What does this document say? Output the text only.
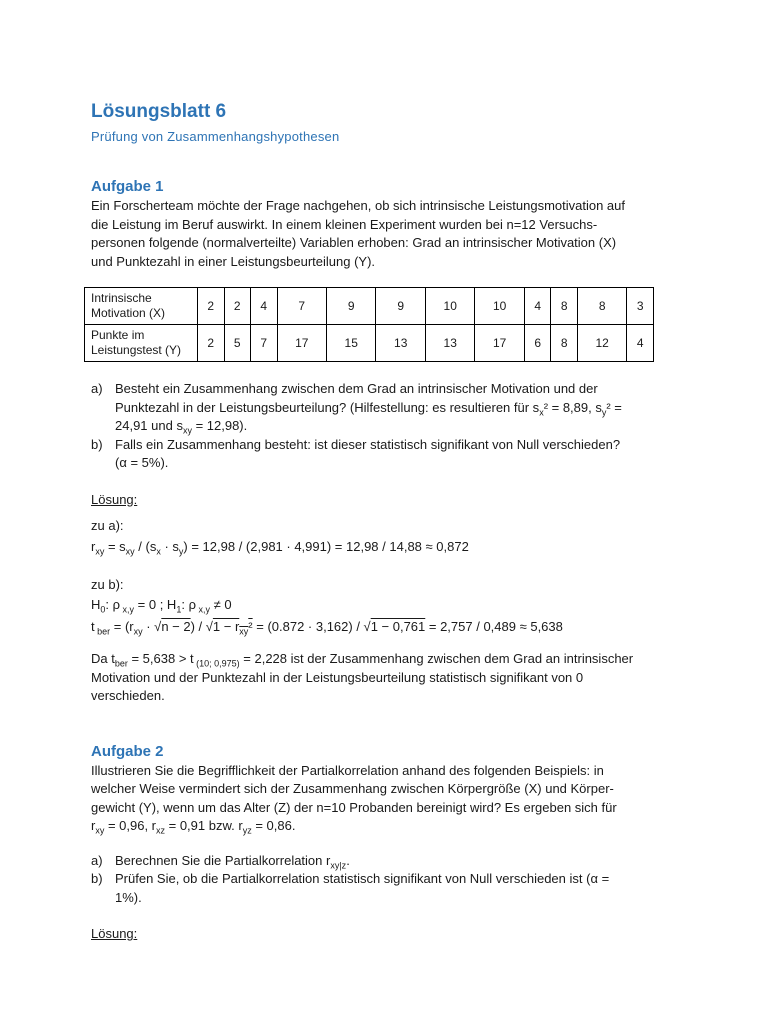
Lösungsblatt 6
Prüfung von Zusammenhangshypothesen
Aufgabe 1

Ein Forscherteam möchte der Frage nachgehen, ob sich intrinsische Leistungsmotivation auf

die Leistung im Beruf auswirkt. In einem kleinen Experiment wurden bei n=12 Versuchs-

personen folgende (normalverteilte) Variablen erhoben: Grad an intrinsischer Motivation (X)

und Punktezahl in einer Leistungsbeurteilung (Y).

Intrinsische
Motivation (X)	2	2	4	7	9	9	10	10	4	8	8	3
Punkte im
Leistungstest (Y)	2	5	7	17	15	13	13	17	6	8	12	4
a) Besteht ein Zusammenhang zwischen dem Grad an intrinsischer Motivation und der
Punktezahl in der Leistungsbeurteilung? (Hilfestellung: es resultieren für $s_x^2 = 8,89$, $s_y^2$ =
24,91 und $s_{xy} = 12,98$).
b) Falls ein Zusammenhang besteht: ist dieser statistisch signifikant von Null verschieden?
(α = 5%).

Lösung:

zu a):

$r_{xy} = s_{xy} / (s_x \cdot s_y) = 12,98 / (2,981 \cdot 4,991) = 12,98 / 14,88 \approx 0,872$

zu b):

$H_0$: ρ $_{x,y}$ = 0 ; $H_1$: ρ $_{x,y}$ ≠ 0

t $_{ber} = (r_{xy} \cdot √n - 2) / √1 - r_{xy}^2 = (0.872 \cdot 3,162) / √1 - 0,761 = 2,757 / 0,489 \approx 5,638$

Da $t_{ber} = 5,638 > t$ $_{(10; 0,975)}$ = 2,228 ist der Zusammenhang zwischen dem Grad an intrinsischer

Motivation und der Punktezahl in der Leistungsbeurteilung statistisch signifikant von 0

verschieden.

Aufgabe 2

Illustrieren Sie die Begrifflichkeit der Partialkorrelation anhand des folgenden Beispiels: in

welcher Weise vermindert sich der Zusammenhang zwischen Körpergröße (X) und Körper-

gewicht (Y), wenn um das Alter (Z) der n=10 Probanden bereinigt wird? Es ergeben sich für

$r_{xy} = 0,96$, $r_{xz} = 0,91$ bzw. $r_{yz} = 0,86$.

a) Berechnen Sie die Partialkorrelation $r_{xy|z}$.
b) Prüfen Sie, ob die Partialkorrelation statistisch signifikant von Null verschieden ist (α =
1%).

Lösung:
